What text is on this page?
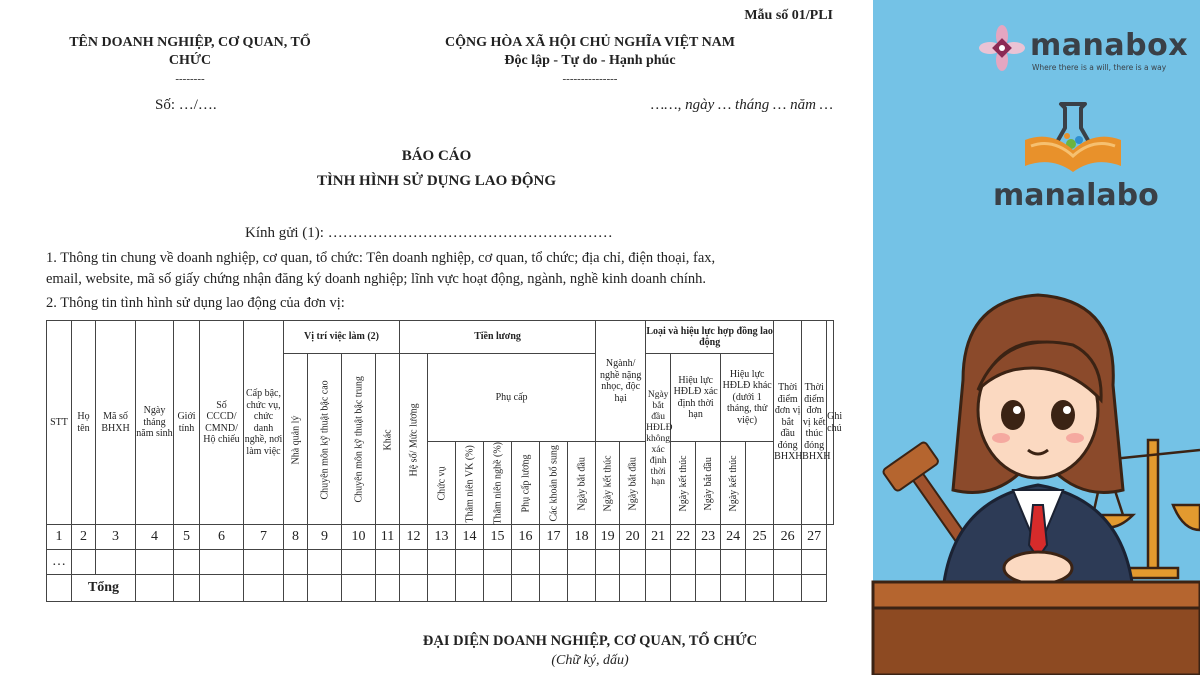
Mẫu số 01/PLI
TÊN DOANH NGHIỆP, CƠ QUAN, TỔ
CHỨC
--------
CỘNG HÒA XÃ HỘI CHỦ NGHĨA VIỆT NAM
Độc lập - Tự do - Hạnh phúc
---------------
Số: …/….	……, ngày … tháng … năm …
BÁO CÁO
TÌNH HÌNH SỬ DỤNG LAO ĐỘNG
Kính gửi (1): …………………………………………………
1. Thông tin chung về doanh nghiệp, cơ quan, tổ chức: Tên doanh nghiệp, cơ quan, tổ chức; địa chỉ, điện thoại, fax,
email, website, mã số giấy chứng nhận đăng ký doanh nghiệp; lĩnh vực hoạt động, ngành, nghề kinh doanh chính.
2. Thông tin tình hình sử dụng lao động của đơn vị:
STT	Họ tên	Mã số BHXH	Ngày tháng năm sinh	Giới tính	Số CCCD/ CMND/ Hộ chiếu	Cấp bậc, chức vụ, chức danh nghề, nơi làm việc	Vị trí việc làm (2)				Tiền lương							Ngành/ nghề nặng nhọc, độc hại		Loại và hiệu lực hợp đồng lao động					Thời điểm đơn vị bắt đầu đóng BHXH	Thời điểm đơn vị kết thúc đóng BHXH	Ghi chú
							Nhà quản lý	Chuyên môn kỹ thuật bậc cao	Chuyên môn kỹ thuật bậc trung	Khác	Hệ số/ Mức lương	Phụ cấp								Ngày bắt đầu HĐLĐ không xác định thời hạn	Hiệu lực HĐLĐ xác định thời hạn		Hiệu lực HĐLĐ khác (dưới 1 tháng, thử việc)				
												Chức vụ	Thâm niên VK (%)	Thâm niên nghề (%)	Phụ cấp lương	Các khoản bổ sung	Ngày bắt đầu	Ngày kết thúc	Ngày bắt đầu		Ngày kết thúc	Ngày bắt đầu	Ngày kết thúc				
1	2	3	4	5	6	7	8	9	10	11	12	13	14	15	16	17	18	19	20	21	22	23	24	25	26	27	
…																											
	Tổng																										
ĐẠI DIỆN DOANH NGHIỆP, CƠ QUAN, TỔ CHỨC
(Chữ ký, dấu)
manabox
Where there is a will, there is a way
manalabo
